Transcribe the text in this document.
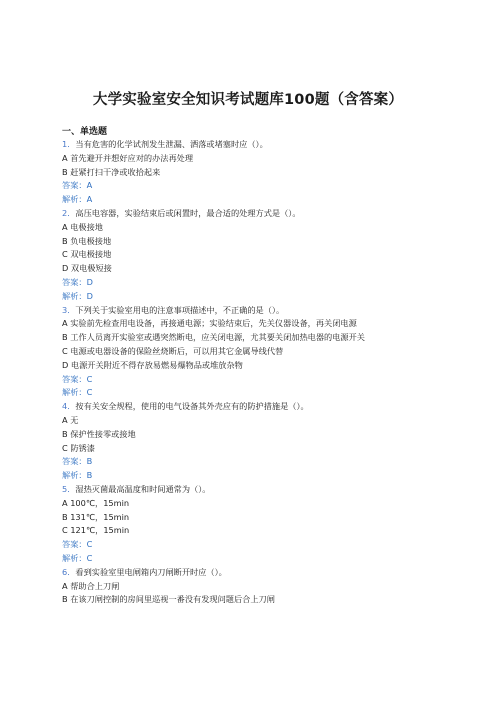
大学实验室安全知识考试题库100题（含答案）
一、单选题
1．当有危害的化学试剂发生泄漏、洒落或堵塞时应（）。
A 首先避开并想好应对的办法再处理
B 赶紧打扫干净或收拾起来
答案：A
解析：A
2．高压电容器，实验结束后或闲置时，最合适的处理方式是（）。
A 电极接地
B 负电极接地
C 双电极接地
D 双电极短接
答案：D
解析：D
3．下列关于实验室用电的注意事项描述中，不正确的是（）。
A 实验前先检查用电设备，再接通电源；实验结束后，先关仪器设备，再关闭电源
B 工作人员离开实验室或遇突然断电，应关闭电源，尤其要关闭加热电器的电源开关
C 电源或电器设备的保险丝烧断后，可以用其它金属导线代替
D 电源开关附近不得存放易燃易爆物品或堆放杂物
答案：C
解析：C
4．按有关安全规程，使用的电气设备其外壳应有的防护措施是（）。
A 无
B 保护性接零或接地
C 防锈漆
答案：B
解析：B
5．湿热灭菌最高温度和时间通常为（）。
A 100℃，15min
B 131℃，15min
C 121℃，15min
答案：C
解析：C
6．看到实验室里电闸箱内刀闸断开时应（）。
A 帮助合上刀闸
B 在该刀闸控制的房间里巡视一番没有发现问题后合上刀闸
